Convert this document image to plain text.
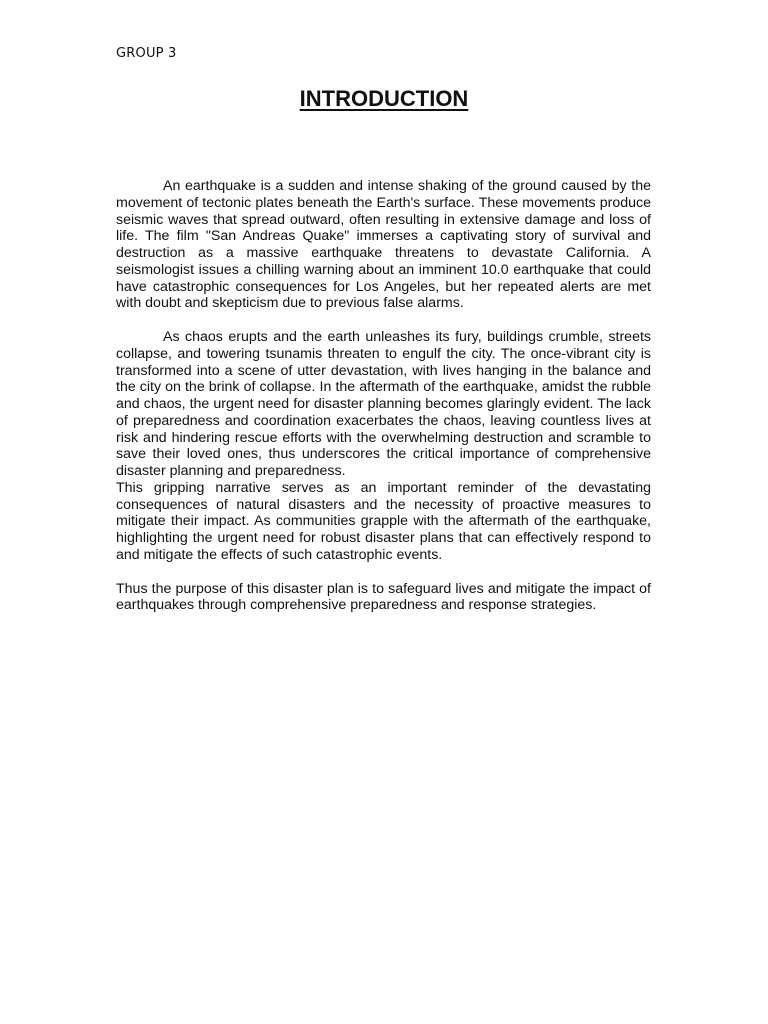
GROUP 3
INTRODUCTION

An earthquake is a sudden and intense shaking of the ground caused by the movement of tectonic plates beneath the Earth's surface. These movements produce seismic waves that spread outward, often resulting in extensive damage and loss of life. The film "San Andreas Quake" immerses a captivating story of survival and destruction as a massive earthquake threatens to devastate California. A seismologist issues a chilling warning about an imminent 10.0 earthquake that could have catastrophic consequences for Los Angeles, but her repeated alerts are met with doubt and skepticism due to previous false alarms.

As chaos erupts and the earth unleashes its fury, buildings crumble, streets collapse, and towering tsunamis threaten to engulf the city. The once-vibrant city is transformed into a scene of utter devastation, with lives hanging in the balance and the city on the brink of collapse. In the aftermath of the earthquake, amidst the rubble and chaos, the urgent need for disaster planning becomes glaringly evident. The lack of preparedness and coordination exacerbates the chaos, leaving countless lives at risk and hindering rescue efforts with the overwhelming destruction and scramble to save their loved ones, thus underscores the critical importance of comprehensive disaster planning and preparedness.

This gripping narrative serves as an important reminder of the devastating consequences of natural disasters and the necessity of proactive measures to mitigate their impact. As communities grapple with the aftermath of the earthquake, highlighting the urgent need for robust disaster plans that can effectively respond to and mitigate the effects of such catastrophic events.

Thus the purpose of this disaster plan is to safeguard lives and mitigate the impact of earthquakes through comprehensive preparedness and response strategies.
